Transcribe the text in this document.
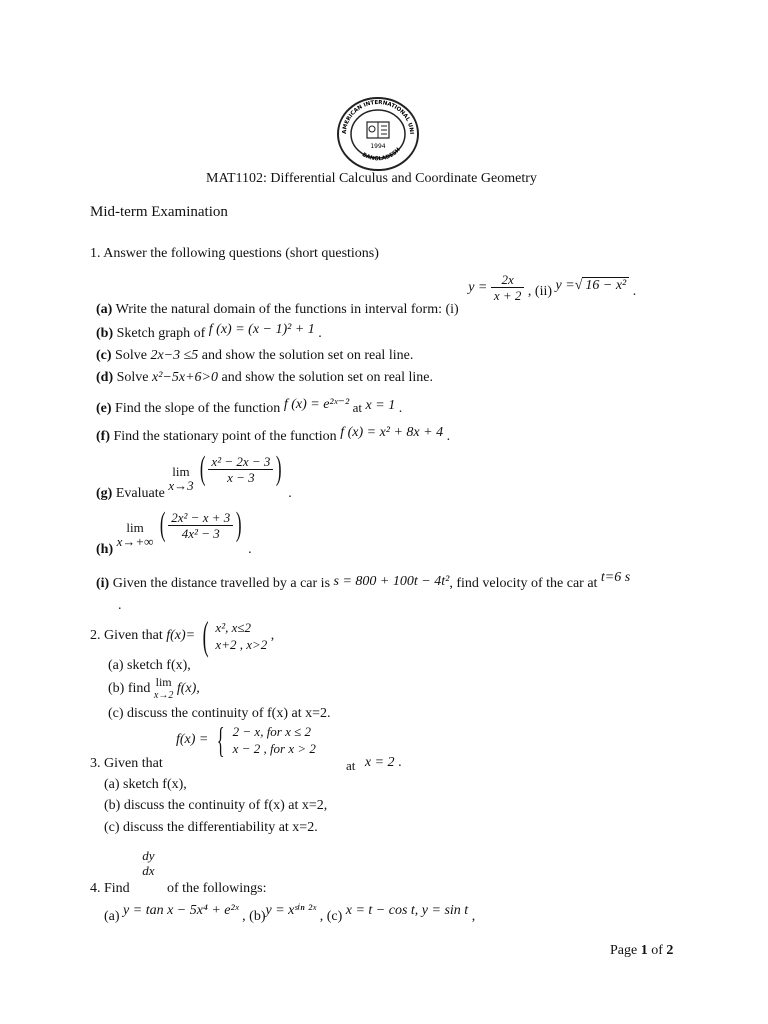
AMERICAN INTERNATIONAL UNI
BANGLADESH
1994
MAT1102: Differential Calculus and Coordinate Geometry
Mid-term Examination
1. Answer the following questions (short questions)
(a) Write the natural domain of the functions in interval form: (i) $y = \frac{2x}{x + 2}$ , (ii) y =√ 16 − x² .
(b) Sketch graph of f (x) = (x − 1)² + 1 .
(c) Solve 2x−3 ≤5 and show the solution set on real line.
(d) Solve x²−5x+6>0 and show the solution set on real line.
(e) Find the slope of the function f (x) = e²ˣ⁻² at x = 1 .
(f) Find the stationary point of the function f (x) = x² + 8x + 4 .
(g) Evaluate lim
x→3 ( $\frac{\text{x² − 2x − 3}}{x - 3}$ ) .
(h) lim
x→+∞ ( $\frac{\text{2x² − x + 3}}{\text{4x² − 3}}$ ) .
(i) Given the distance travelled by a car is s = 800 + 100t − 4t², find velocity of the car at t=6 s
.
2. Given that f(x)= ( x², x≤2
x+2 , x>2 ,
(a) sketch f(x),
(b) find lim
x→2 f(x),
(c) discuss the continuity of f(x) at x=2.
f(x) = { 2 − x, for x ≤ 2
x − 2 , for x > 2
3. Given that	at x = 2 .
(a) sketch f(x),
(b) discuss the continuity of f(x) at x=2,
(c) discuss the differentiability at x=2.
4. Find
dy
dx
of the followings:
(a) y = tan x − 5x⁴ + e²ˣ , (b)y = xˢⁱⁿ ²ˣ , (c) x = t − cos t, y = sin t ,
Page 1 of 2
